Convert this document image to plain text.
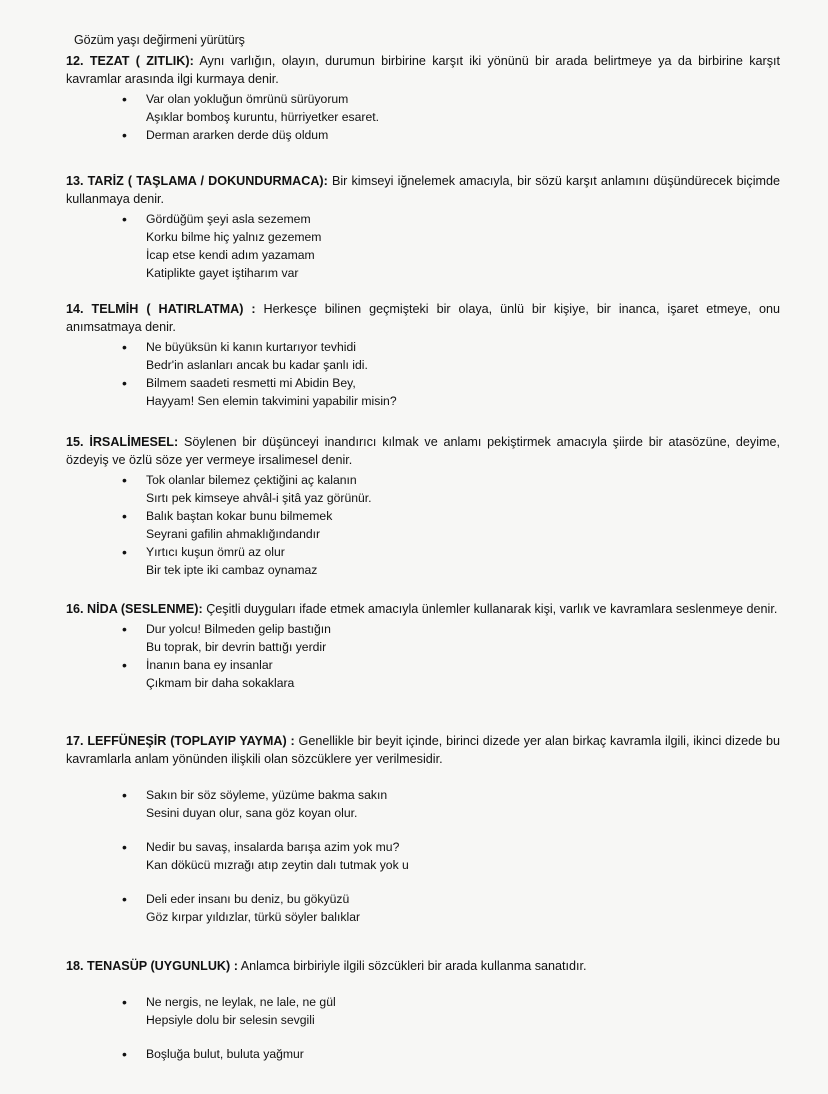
Gözüm yaşı değirmeni yürütürş
12. TEZAT ( ZITLIK): Aynı varlığın, olayın, durumun birbirine karşıt iki yönünü bir arada belirtmeye ya da birbirine karşıt kavramlar arasında ilgi kurmaya denir.
• Var olan yokluğun ömrünü sürüyorum
Aşıklar bomboş kuruntu, hürriyetker esaret.
• Derman ararken derde düş oldum
13. TARİZ ( TAŞLAMA / DOKUNDURMACA): Bir kimseyi iğnelemek amacıyla, bir sözü karşıt anlamını düşündürecek biçimde kullanmaya denir.
• Gördüğüm şeyi asla sezemem
Korku bilme hiç yalnız gezemem
İcap etse kendi adım yazamam
Katiplikte gayet iştiharım var
14. TELMİH ( HATIRLATMA) : Herkesçe bilinen geçmişteki bir olaya, ünlü bir kişiye, bir inanca, işaret etmeye, onu anımsatmaya denir.
• Ne büyüksün ki kanın kurtarıyor tevhidi
Bedr'in aslanları ancak bu kadar şanlı idi.
• Bilmem saadeti resmetti mi Abidin Bey,
Hayyam! Sen elemin takvimini yapabilir misin?
15. İRSALİMESEL: Söylenen bir düşünceyi inandırıcı kılmak ve anlamı pekiştirmek amacıyla şiirde bir atasözüne, deyime, özdeyiş ve özlü söze yer vermeye irsalimesel denir.
• Tok olanlar bilemez çektiğini aç kalanın
Sırtı pek kimseye ahvâl-i şitâ yaz görünür.
• Balık baştan kokar bunu bilmemek
Seyrani gafilin ahmaklığındandır
• Yırtıcı kuşun ömrü az olur
Bir tek ipte iki cambaz oynamaz
16. NİDA (SESLENME): Çeşitli duyguları ifade etmek amacıyla ünlemler kullanarak kişi, varlık ve kavramlara seslenmeye denir.
• Dur yolcu! Bilmeden gelip bastığın
Bu toprak, bir devrin battığı yerdir
• İnanın bana ey insanlar
Çıkmam bir daha sokaklara
17. LEFFÜNEŞİR (TOPLAYIP YAYMA) : Genellikle bir beyit içinde, birinci dizede yer alan birkaç kavramla ilgili, ikinci dizede bu kavramlarla anlam yönünden ilişkili olan sözcüklere yer verilmesidir.
• Sakın bir söz söyleme, yüzüme bakma sakın
Sesini duyan olur, sana göz koyan olur.
• Nedir bu savaş, insalarda barışa azim yok mu?
Kan dökücü mızrağı atıp zeytin dalı tutmak yok u
• Deli eder insanı bu deniz, bu gökyüzü
Göz kırpar yıldızlar, türkü söyler balıklar
18. TENASÜP (UYGUNLUK) : Anlamca birbiriyle ilgili sözcükleri bir arada kullanma sanatıdır.
• Ne nergis, ne leylak, ne lale, ne gül
Hepsiyle dolu bir selesin sevgili
• Boşluğa bulut, buluta yağmur
